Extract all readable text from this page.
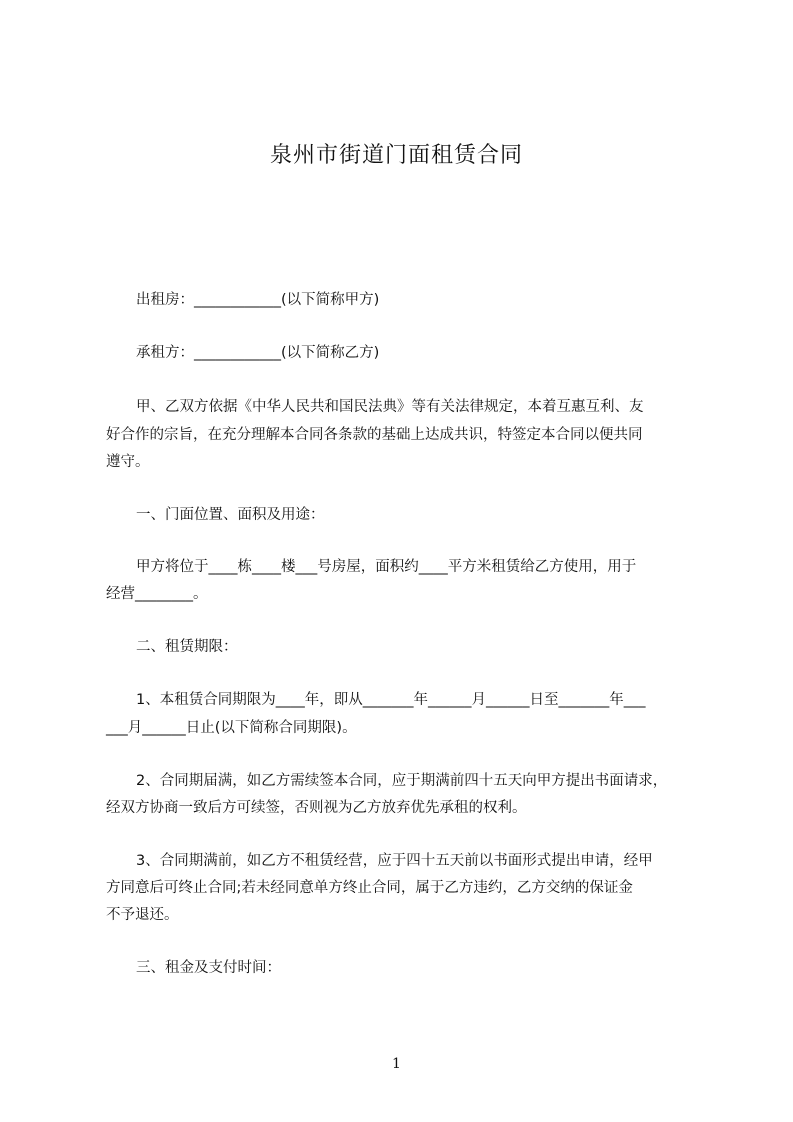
泉州市街道门面租赁合同
出租房：____________(以下简称甲方)
承租方：____________(以下简称乙方)
甲、乙双方依据《中华人民共和国民法典》等有关法律规定，本着互惠互利、友
好合作的宗旨，在充分理解本合同各条款的基础上达成共识，特签定本合同以便共同
遵守。
一、门面位置、面积及用途：
甲方将位于____栋____楼___号房屋，面积约____平方米租赁给乙方使用，用于
经营________。
二、租赁期限：
1、本租赁合同期限为____年，即从_______年______月______日至_______年___
___月______日止(以下简称合同期限)。
2、合同期届满，如乙方需续签本合同，应于期满前四十五天向甲方提出书面请求，
经双方协商一致后方可续签，否则视为乙方放弃优先承租的权利。
3、合同期满前，如乙方不租赁经营，应于四十五天前以书面形式提出申请，经甲
方同意后可终止合同;若未经同意单方终止合同，属于乙方违约，乙方交纳的保证金
不予退还。
三、租金及支付时间：
1
